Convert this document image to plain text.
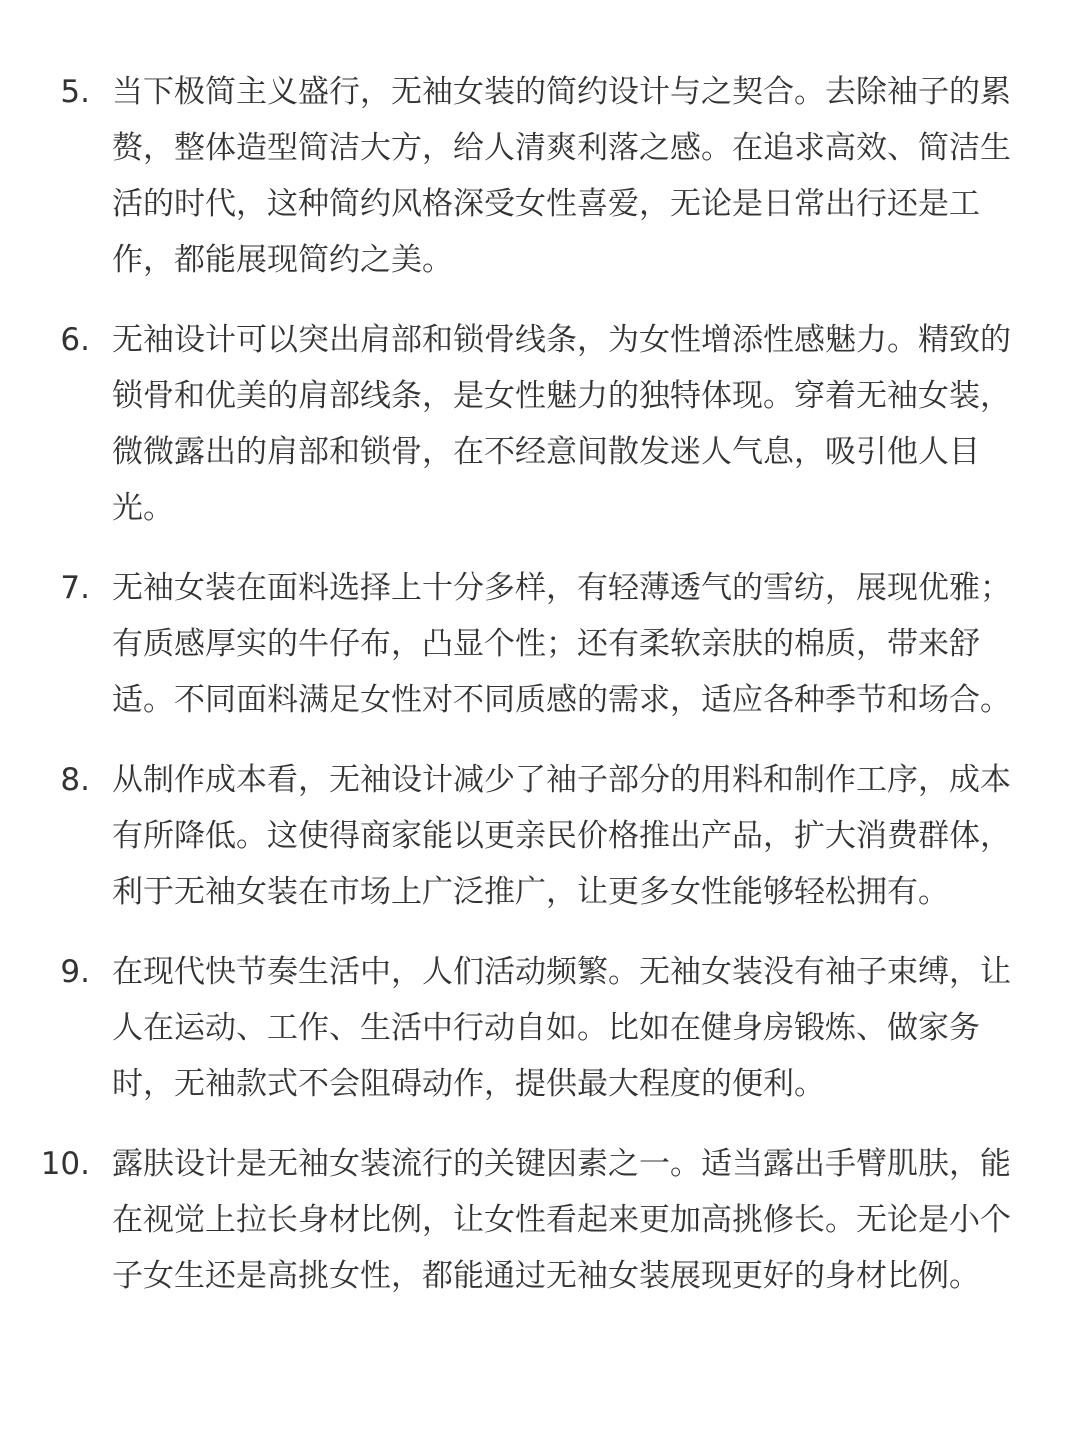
5. 当下极简主义盛行，无袖女装的简约设计与之契合。去除袖子的累赘，整体造型简洁大方，给人清爽利落之感。在追求高效、简洁生活的时代，这种简约风格深受女性喜爱，无论是日常出行还是工作，都能展现简约之美。
6. 无袖设计可以突出肩部和锁骨线条，为女性增添性感魅力。精致的锁骨和优美的肩部线条，是女性魅力的独特体现。穿着无袖女装，微微露出的肩部和锁骨，在不经意间散发迷人气息，吸引他人目光。
7. 无袖女装在面料选择上十分多样，有轻薄透气的雪纺，展现优雅；有质感厚实的牛仔布，凸显个性；还有柔软亲肤的棉质，带来舒适。不同面料满足女性对不同质感的需求，适应各种季节和场合。
8. 从制作成本看，无袖设计减少了袖子部分的用料和制作工序，成本有所降低。这使得商家能以更亲民价格推出产品，扩大消费群体，利于无袖女装在市场上广泛推广，让更多女性能够轻松拥有。
9. 在现代快节奏生活中，人们活动频繁。无袖女装没有袖子束缚，让人在运动、工作、生活中行动自如。比如在健身房锻炼、做家务时，无袖款式不会阻碍动作，提供最大程度的便利。
10. 露肤设计是无袖女装流行的关键因素之一。适当露出手臂肌肤，能在视觉上拉长身材比例，让女性看起来更加高挑修长。无论是小个子女生还是高挑女性，都能通过无袖女装展现更好的身材比例。
